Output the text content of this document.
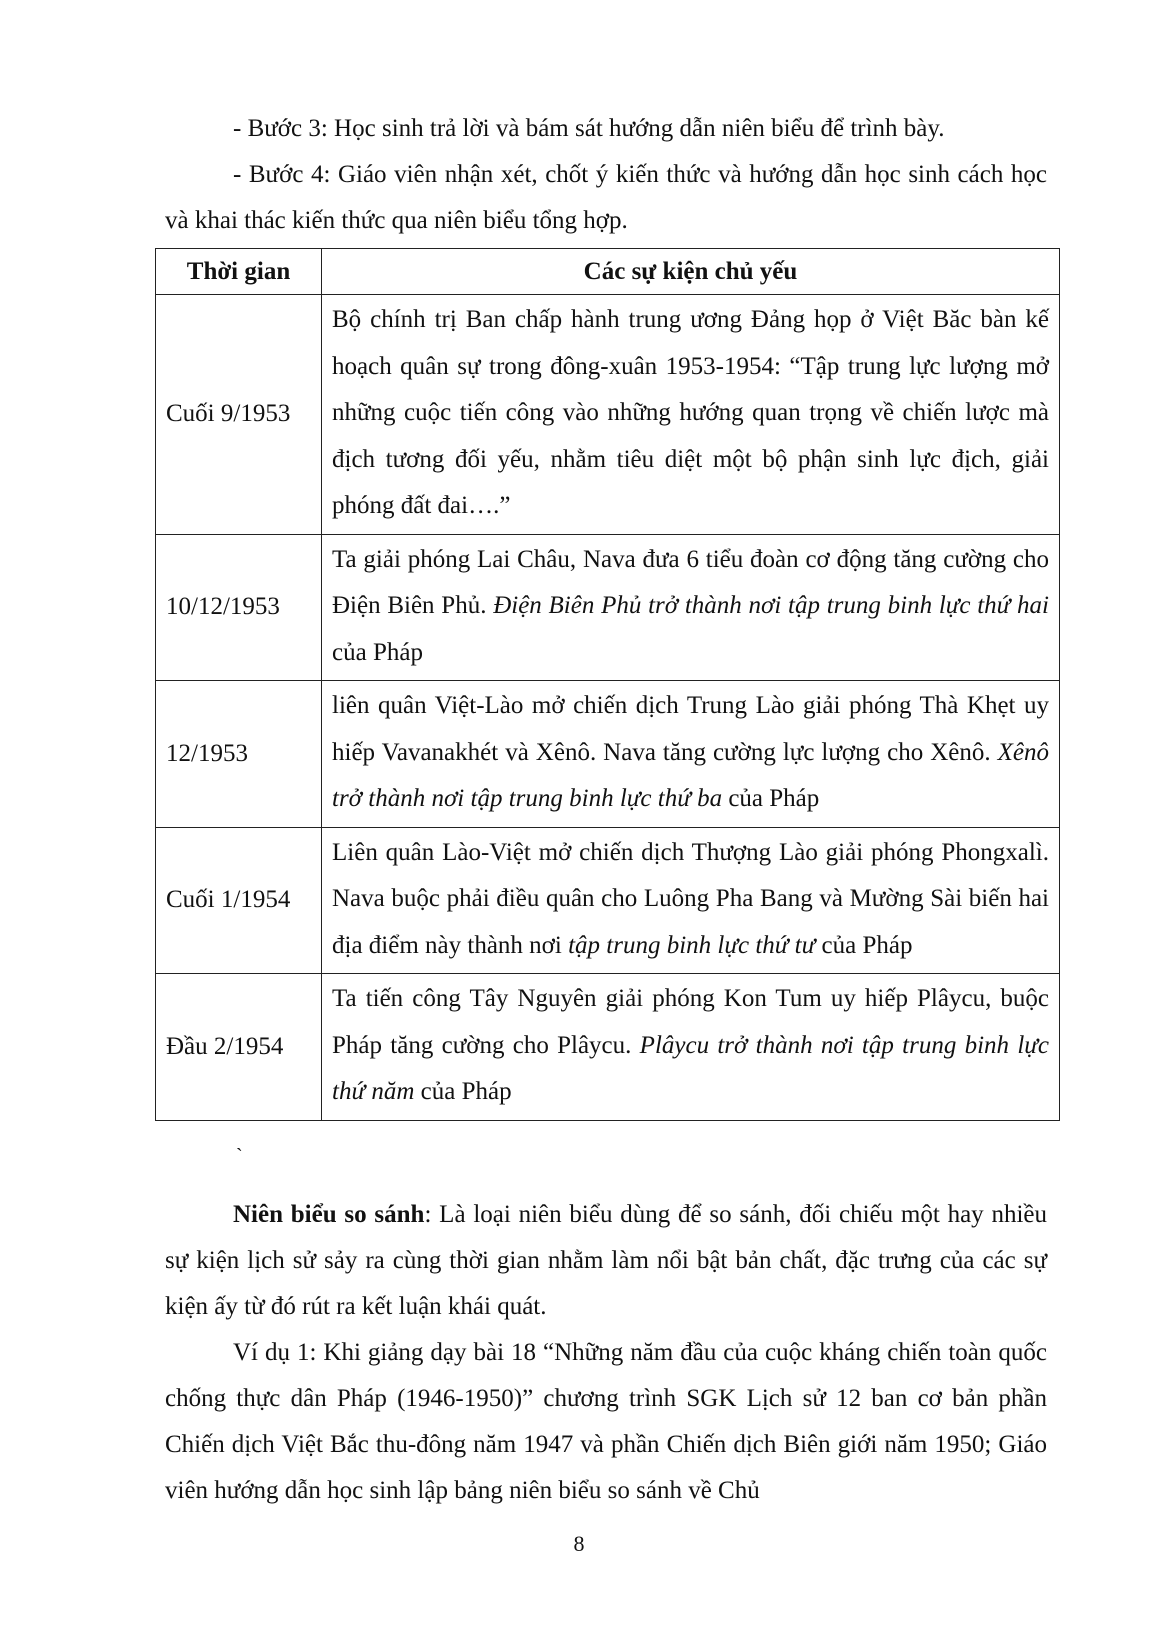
- Bước 3: Học sinh trả lời và bám sát hướng dẫn niên biểu để trình bày.

- Bước 4: Giáo viên nhận xét, chốt ý kiến thức và hướng dẫn học sinh cách học và khai thác kiến thức qua niên biểu tổng hợp.

Thời gian	Các sự kiện chủ yếu
Cuối 9/1953	Bộ chính trị Ban chấp hành trung ương Đảng họp ở Việt Băc bàn kế hoạch quân sự trong đông-xuân 1953-1954: “Tập trung lực lượng mở những cuộc tiến công vào những hướng quan trọng về chiến lược mà địch tương đối yếu, nhằm tiêu diệt một bộ phận sinh lực địch, giải phóng đất đai….”
10/12/1953	Ta giải phóng Lai Châu, Nava đưa 6 tiểu đoàn cơ động tăng cường cho Điện Biên Phủ. Điện Biên Phủ trở thành nơi tập trung binh lực thứ hai của Pháp
12/1953	liên quân Việt-Lào mở chiến dịch Trung Lào giải phóng Thà Khẹt uy hiếp Vavanakhét và Xênô. Nava tăng cường lực lượng cho Xênô. Xênô trở thành nơi tập trung binh lực thứ ba của Pháp
Cuối 1/1954	Liên quân Lào-Việt mở chiến dịch Thượng Lào giải phóng Phongxalì. Nava buộc phải điều quân cho Luông Pha Bang và Mường Sài biến hai địa điểm này thành nơi tập trung binh lực thứ tư của Pháp
Đầu 2/1954	Ta tiến công Tây Nguyên giải phóng Kon Tum uy hiếp Plâycu, buộc Pháp tăng cường cho Plâycu. Plâycu trở thành nơi tập trung binh lực thứ năm của Pháp
`

Niên biểu so sánh: Là loại niên biểu dùng để so sánh, đối chiếu một hay nhiều sự kiện lịch sử sảy ra cùng thời gian nhằm làm nổi bật bản chất, đặc trưng của các sự kiện ấy từ đó rút ra kết luận khái quát.

Ví dụ 1: Khi giảng dạy bài 18 “Những năm đầu của cuộc kháng chiến toàn quốc chống thực dân Pháp (1946-1950)” chương trình SGK Lịch sử 12 ban cơ bản phần Chiến dịch Việt Bắc thu-đông năm 1947 và phần Chiến dịch Biên giới năm 1950; Giáo viên hướng dẫn học sinh lập bảng niên biểu so sánh về Chủ

8
